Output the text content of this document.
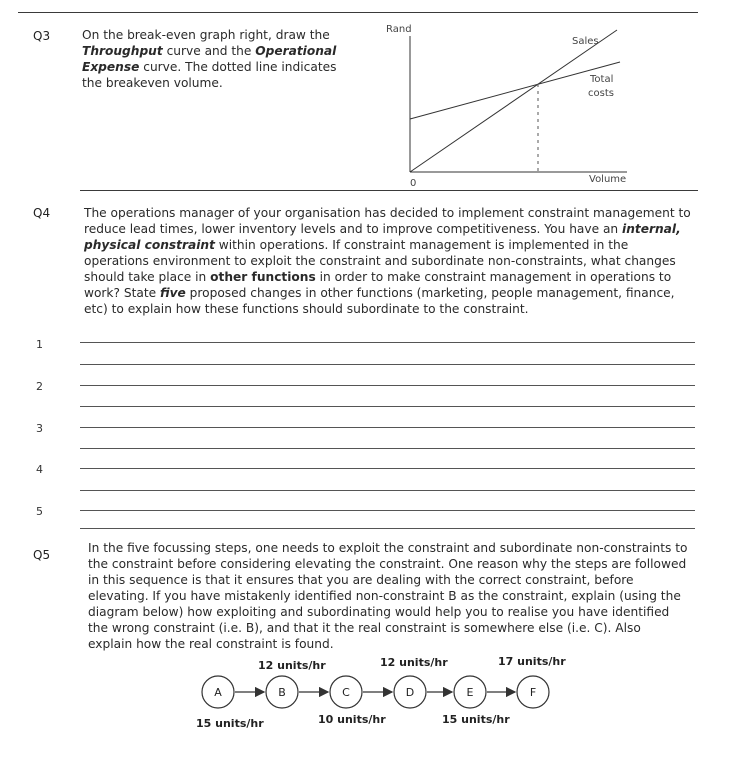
Q3	On the break-even graph right, draw the
Throughput curve and the Operational
Expense curve. The dotted line indicates
the breakeven volume.
Rand
Sales
Total
costs
0	Volume
Q4	The operations manager of your organisation has decided to implement constraint management to
reduce lead times, lower inventory levels and to improve competitiveness. You have an internal,
physical constraint within operations. If constraint management is implemented in the
operations environment to exploit the constraint and subordinate non-constraints, what changes
should take place in other functions in order to make constraint management in operations to
work? State five proposed changes in other functions (marketing, people management, finance,
etc) to explain how these functions should subordinate to the constraint.
1
2
3
4
5
Q5	In the five focussing steps, one needs to exploit the constraint and subordinate non-constraints to
the constraint before considering elevating the constraint. One reason why the steps are followed
in this sequence is that it ensures that you are dealing with the correct constraint, before
elevating. If you have mistakenly identified non-constraint B as the constraint, explain (using the
diagram below) how exploiting and subordinating would help you to realise you have identified
the wrong constraint (i.e. B), and that it the real constraint is somewhere else (i.e. C). Also
explain how the real constraint is found.
12 units/hr	12 units/hr	17 units/hr
A	B	C	D	E	F
15 units/hr	10 units/hr	15 units/hr
